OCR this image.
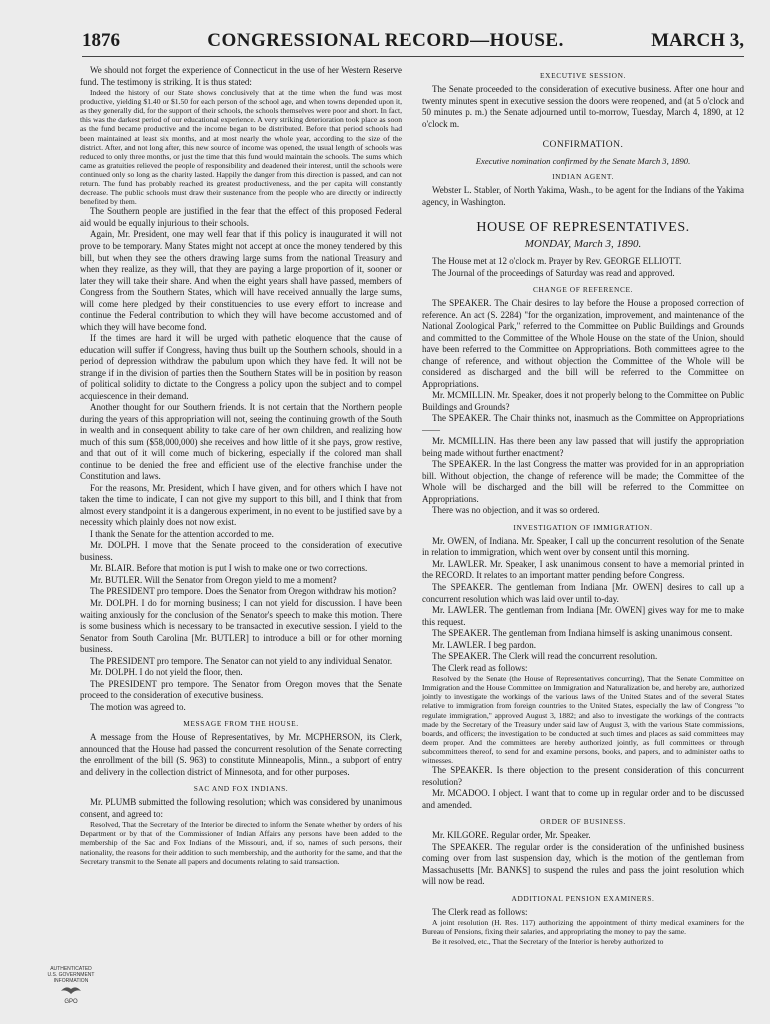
1876	CONGRESSIONAL RECORD—HOUSE.	MARCH 3,

We should not forget the experience of Connecticut in the use of her Western Reserve fund. The testimony is striking. It is thus stated:

Indeed the history of our State shows conclusively that at the time when the fund was most productive, yielding $1.40 or $1.50 for each person of the school age, and when towns depended upon it, as they generally did, for the support of their schools, the schools themselves were poor and short. In fact, this was the darkest period of our educational experience. A very striking deterioration took place as soon as the fund became productive and the income began to be distributed. Before that period schools had been maintained at least six months, and at most nearly the whole year, according to the size of the district. After, and not long after, this new source of income was opened, the usual length of schools was reduced to only three months, or just the time that this fund would maintain the schools. The sums which came as gratuities relieved the people of responsibility and deadened their interest, until the schools were continued only so long as the charity lasted. Happily the danger from this direction is passed, and can not return. The fund has probably reached its greatest productiveness, and the per capita will constantly decrease. The public schools must draw their sustenance from the people who are directly or indirectly benefited by them.

The Southern people are justified in the fear that the effect of this proposed Federal aid would be equally injurious to their schools.

Again, Mr. President, one may well fear that if this policy is inaugurated it will not prove to be temporary. Many States might not accept at once the money tendered by this bill, but when they see the others drawing large sums from the national Treasury and when they realize, as they will, that they are paying a large proportion of it, sooner or later they will take their share. And when the eight years shall have passed, members of Congress from the Southern States, which will have received annually the large sums, will come here pledged by their constituencies to use every effort to increase and continue the Federal contribution to which they will have become accustomed and of which they will have become fond.

If the times are hard it will be urged with pathetic eloquence that the cause of education will suffer if Congress, having thus built up the Southern schools, should in a period of depression withdraw the pabulum upon which they have fed. It will not be strange if in the division of parties then the Southern States will be in position by reason of political solidity to dictate to the Congress a policy upon the subject and to compel acquiescence in their demand.

Another thought for our Southern friends. It is not certain that the Northern people during the years of this appropriation will not, seeing the continuing growth of the South in wealth and in consequent ability to take care of her own children, and realizing how much of this sum ($58,000,000) she receives and how little of it she pays, grow restive, and that out of it will come much of bickering, especially if the colored man shall continue to be denied the free and efficient use of the elective franchise under the Constitution and laws.

For the reasons, Mr. President, which I have given, and for others which I have not taken the time to indicate, I can not give my support to this bill, and I think that from almost every standpoint it is a dangerous experiment, in no event to be justified save by a necessity which plainly does not now exist.

I thank the Senate for the attention accorded to me.

Mr. DOLPH. I move that the Senate proceed to the consideration of executive business.

Mr. BLAIR. Before that motion is put I wish to make one or two corrections.

Mr. BUTLER. Will the Senator from Oregon yield to me a moment?

The PRESIDENT pro tempore. Does the Senator from Oregon withdraw his motion?

Mr. DOLPH. I do for morning business; I can not yield for discussion. I have been waiting anxiously for the conclusion of the Senator's speech to make this motion. There is some business which is necessary to be transacted in executive session. I yield to the Senator from South Carolina [Mr. BUTLER] to introduce a bill or for other morning business.

The PRESIDENT pro tempore. The Senator can not yield to any individual Senator.

Mr. DOLPH. I do not yield the floor, then.

The PRESIDENT pro tempore. The Senator from Oregon moves that the Senate proceed to the consideration of executive business.

The motion was agreed to.

MESSAGE FROM THE HOUSE.

A message from the House of Representatives, by Mr. MCPHERSON, its Clerk, announced that the House had passed the concurrent resolution of the Senate correcting the enrollment of the bill (S. 963) to constitute Minneapolis, Minn., a subport of entry and delivery in the collection district of Minnesota, and for other purposes.

SAC AND FOX INDIANS.

Mr. PLUMB submitted the following resolution; which was considered by unanimous consent, and agreed to:

Resolved, That the Secretary of the Interior be directed to inform the Senate whether by orders of his Department or by that of the Commissioner of Indian Affairs any persons have been added to the membership of the Sac and Fox Indians of the Missouri, and, if so, names of such persons, their nationality, the reasons for their addition to such membership, and the authority for the same, and that the Secretary transmit to the Senate all papers and documents relating to said transaction.

EXECUTIVE SESSION.

The Senate proceeded to the consideration of executive business. After one hour and twenty minutes spent in executive session the doors were reopened, and (at 5 o'clock and 50 minutes p. m.) the Senate adjourned until to-morrow, Tuesday, March 4, 1890, at 12 o'clock m.

CONFIRMATION.
Executive nomination confirmed by the Senate March 3, 1890.
INDIAN AGENT.

Webster L. Stabler, of North Yakima, Wash., to be agent for the Indians of the Yakima agency, in Washington.

HOUSE OF REPRESENTATIVES.
MONDAY, March 3, 1890.

The House met at 12 o'clock m. Prayer by Rev. GEORGE ELLIOTT.

The Journal of the proceedings of Saturday was read and approved.

CHANGE OF REFERENCE.

The SPEAKER. The Chair desires to lay before the House a proposed correction of reference. An act (S. 2284) "for the organization, improvement, and maintenance of the National Zoological Park," referred to the Committee on Public Buildings and Grounds and committed to the Committee of the Whole House on the state of the Union, should have been referred to the Committee on Appropriations. Both committees agree to the change of reference, and without objection the Committee of the Whole will be considered as discharged and the bill will be referred to the Committee on Appropriations.

Mr. MCMILLIN. Mr. Speaker, does it not properly belong to the Committee on Public Buildings and Grounds?

The SPEAKER. The Chair thinks not, inasmuch as the Committee on Appropriations——

Mr. MCMILLIN. Has there been any law passed that will justify the appropriation being made without further enactment?

The SPEAKER. In the last Congress the matter was provided for in an appropriation bill. Without objection, the change of reference will be made; the Committee of the Whole will be discharged and the bill will be referred to the Committee on Appropriations.

There was no objection, and it was so ordered.

INVESTIGATION OF IMMIGRATION.

Mr. OWEN, of Indiana. Mr. Speaker, I call up the concurrent resolution of the Senate in relation to immigration, which went over by consent until this morning.

Mr. LAWLER. Mr. Speaker, I ask unanimous consent to have a memorial printed in the RECORD. It relates to an important matter pending before Congress.

The SPEAKER. The gentleman from Indiana [Mr. OWEN] desires to call up a concurrent resolution which was laid over until to-day.

Mr. LAWLER. The gentleman from Indiana [Mr. OWEN] gives way for me to make this request.

The SPEAKER. The gentleman from Indiana himself is asking unanimous consent.

Mr. LAWLER. I beg pardon.

The SPEAKER. The Clerk will read the concurrent resolution.

The Clerk read as follows:

Resolved by the Senate (the House of Representatives concurring), That the Senate Committee on Immigration and the House Committee on Immigration and Naturalization be, and hereby are, authorized jointly to investigate the workings of the various laws of the United States and of the several States relative to immigration from foreign countries to the United States, especially the law of Congress "to regulate immigration," approved August 3, 1882; and also to investigate the workings of the contracts made by the Secretary of the Treasury under said law of August 3, with the various State commissions, boards, and officers; the investigation to be conducted at such times and places as said committees may deem proper. And the committees are hereby authorized jointly, as full committees or through subcommittees thereof, to send for and examine persons, books, and papers, and to administer oaths to witnesses.

The SPEAKER. Is there objection to the present consideration of this concurrent resolution?

Mr. MCADOO. I object. I want that to come up in regular order and to be discussed and amended.

ORDER OF BUSINESS.

Mr. KILGORE. Regular order, Mr. Speaker.

The SPEAKER. The regular order is the consideration of the unfinished business coming over from last suspension day, which is the motion of the gentleman from Massachusetts [Mr. BANKS] to suspend the rules and pass the joint resolution which will now be read.

ADDITIONAL PENSION EXAMINERS.

The Clerk read as follows:

A joint resolution (H. Res. 117) authorizing the appointment of thirty medical examiners for the Bureau of Pensions, fixing their salaries, and appropriating the money to pay the same.

Be it resolved, etc., That the Secretary of the Interior is hereby authorized to

AUTHENTICATED
U.S. GOVERNMENT
INFORMATION
GPO
